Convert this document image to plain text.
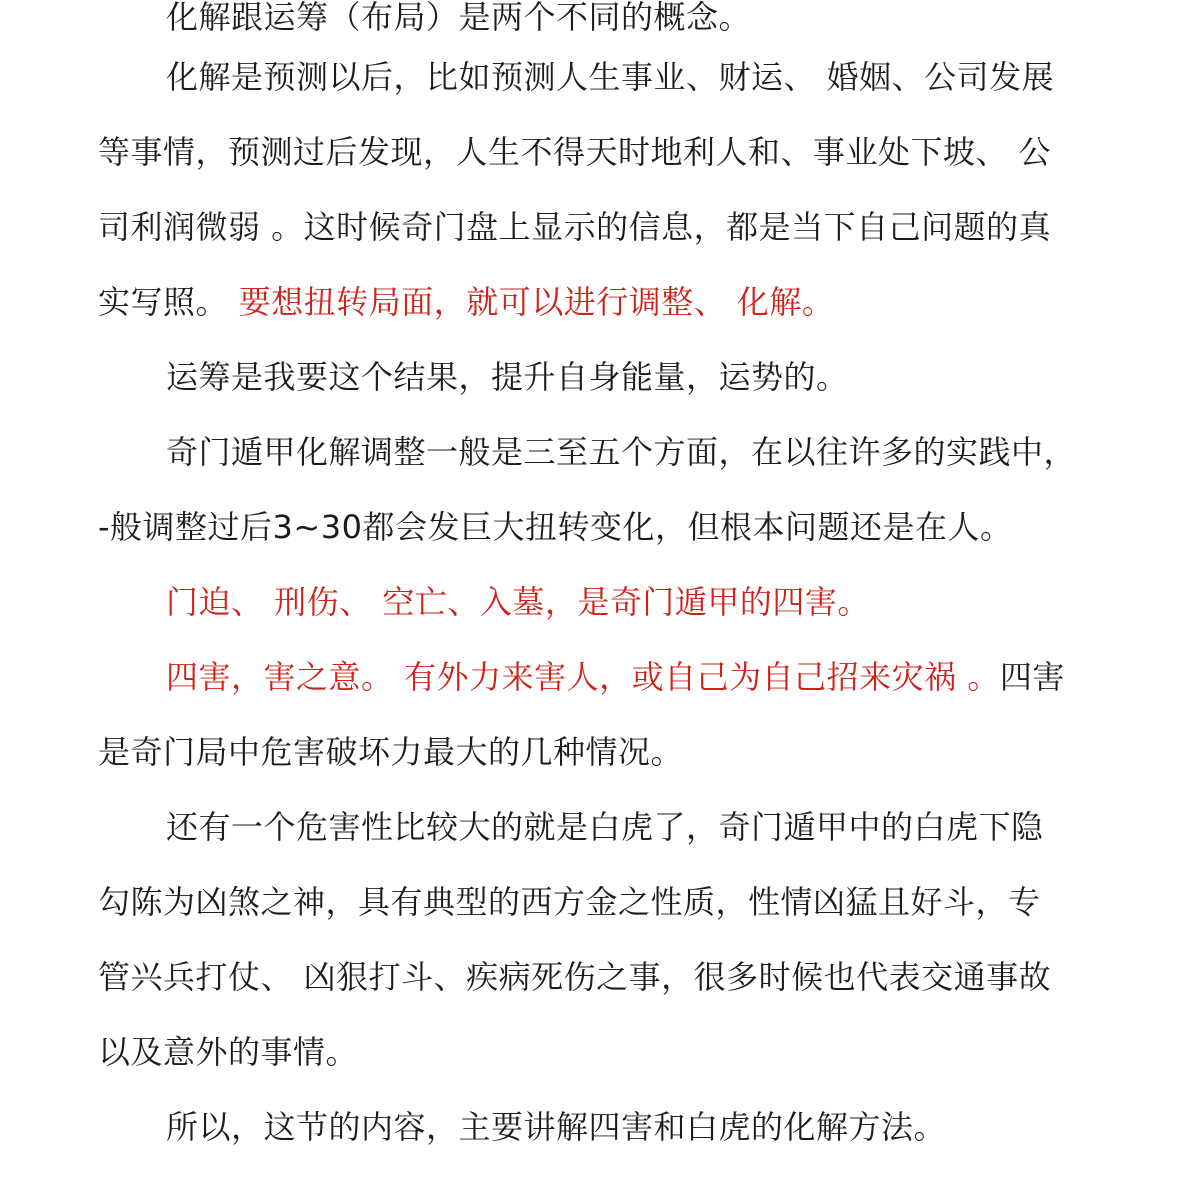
化解跟运筹（布局）是两个不同的概念。
化解是预测以后，比如预测人生事业、财运、 婚姻、公司发展
等事情，预测过后发现，人生不得天时地利人和、事业处下坡、 公
司利润微弱 。这时候奇门盘上显示的信息，都是当下自己问题的真
实写照。 要想扭转局面，就可以进行调整、 化解。
运筹是我要这个结果，提升自身能量，运势的。
奇门遁甲化解调整一般是三至五个方面，在以往许多的实践中，
-般调整过后3~30都会发巨大扭转变化，但根本问题还是在人。
门迫、 刑伤、 空亡、入墓，是奇门遁甲的四害。
四害，害之意。 有外力来害人，或自己为自己招来灾祸 。四害
是奇门局中危害破坏力最大的几种情况。
还有一个危害性比较大的就是白虎了，奇门遁甲中的白虎下隐
勾陈为凶煞之神，具有典型的西方金之性质，性情凶猛且好斗，专
管兴兵打仗、 凶狠打斗、疾病死伤之事，很多时候也代表交通事故
以及意外的事情。
所以，这节的内容，主要讲解四害和白虎的化解方法。
